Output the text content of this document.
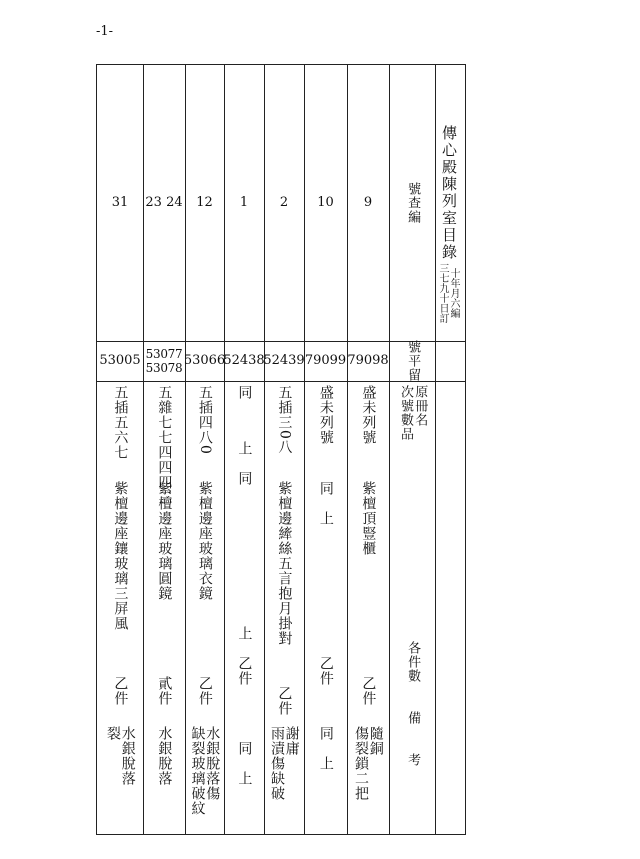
-1-
傳心殿陳列室目錄
十年月六編
三七九十日訂
號查編
號平留
原冊名
次號數品
各件數
備　　考
9
79098
盛未列號
紫檀頂豎櫃
乙件
隨銅
傷裂鎖二把
10
79099
盛未列號
同　上
乙件
同　上
2
52439
五插三0八
紫檀邊縴絲五言抱月掛對
乙件
謝庸
雨漬傷缺破
1
52438
同
上　同
上　乙件
同　上
12
53066
五插四八0
紫檀邊座玻璃衣鏡
乙件
水銀脫落傷
缺裂玻璃破紋
23 24
53077 53078
五雜七七四四四三
紫檀邊座玻璃圓鏡
貳件
水銀脫落
31
53005
五插五六七
紫檀邊座鑲玻璃三屏風
乙件
水銀脫落
裂
